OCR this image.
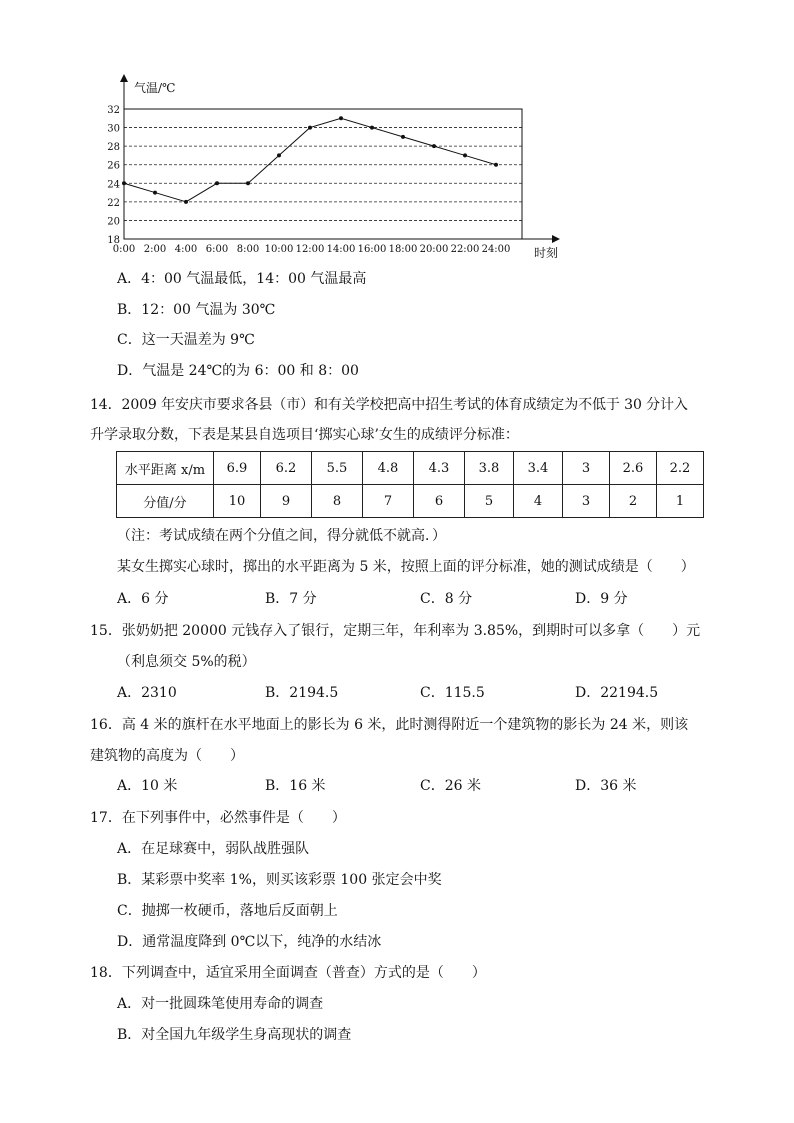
气温/℃
时刻
18
20
22
24
26
28
30
32
0:00 2:00 4:00 6:00 8:00 10:00 12:00 14:00 16:00 18:00 20:00 22:00 24:00
A．4：00 气温最低，14：00 气温最高
B．12：00 气温为 30℃
C．这一天温差为 9℃
D．气温是 24℃的为 6：00 和 8：00
14．2009 年安庆市要求各县（市）和有关学校把高中招生考试的体育成绩定为不低于 30 分计入
升学录取分数，下表是某县自选项目‘掷实心球’女生的成绩评分标准：
水平距离 x/m	6.9	6.2	5.5	4.8	4.3	3.8	3.4	3	2.6	2.2
分值/分	10	9	8	7	6	5	4	3	2	1
（注：考试成绩在两个分值之间，得分就低不就高．）
某女生掷实心球时，掷出的水平距离为 5 米，按照上面的评分标准，她的测试成绩是（　　）
A．6 分	B．7 分	C．8 分	D．9 分
15．张奶奶把 20000 元钱存入了银行，定期三年，年利率为 3.85%，到期时可以多拿（　　）元
（利息须交 5%的税）
A．2310	B．2194.5	C．115.5	D．22194.5
16．高 4 米的旗杆在水平地面上的影长为 6 米，此时测得附近一个建筑物的影长为 24 米，则该
建筑物的高度为（　　）
A．10 米	B．16 米	C．26 米	D．36 米
17．在下列事件中，必然事件是（　　）
A．在足球赛中，弱队战胜强队
B．某彩票中奖率 1%，则买该彩票 100 张定会中奖
C．抛掷一枚硬币，落地后反面朝上
D．通常温度降到 0℃以下，纯净的水结冰
18．下列调查中，适宜采用全面调查（普查）方式的是（　　）
A．对一批圆珠笔使用寿命的调查
B．对全国九年级学生身高现状的调查
